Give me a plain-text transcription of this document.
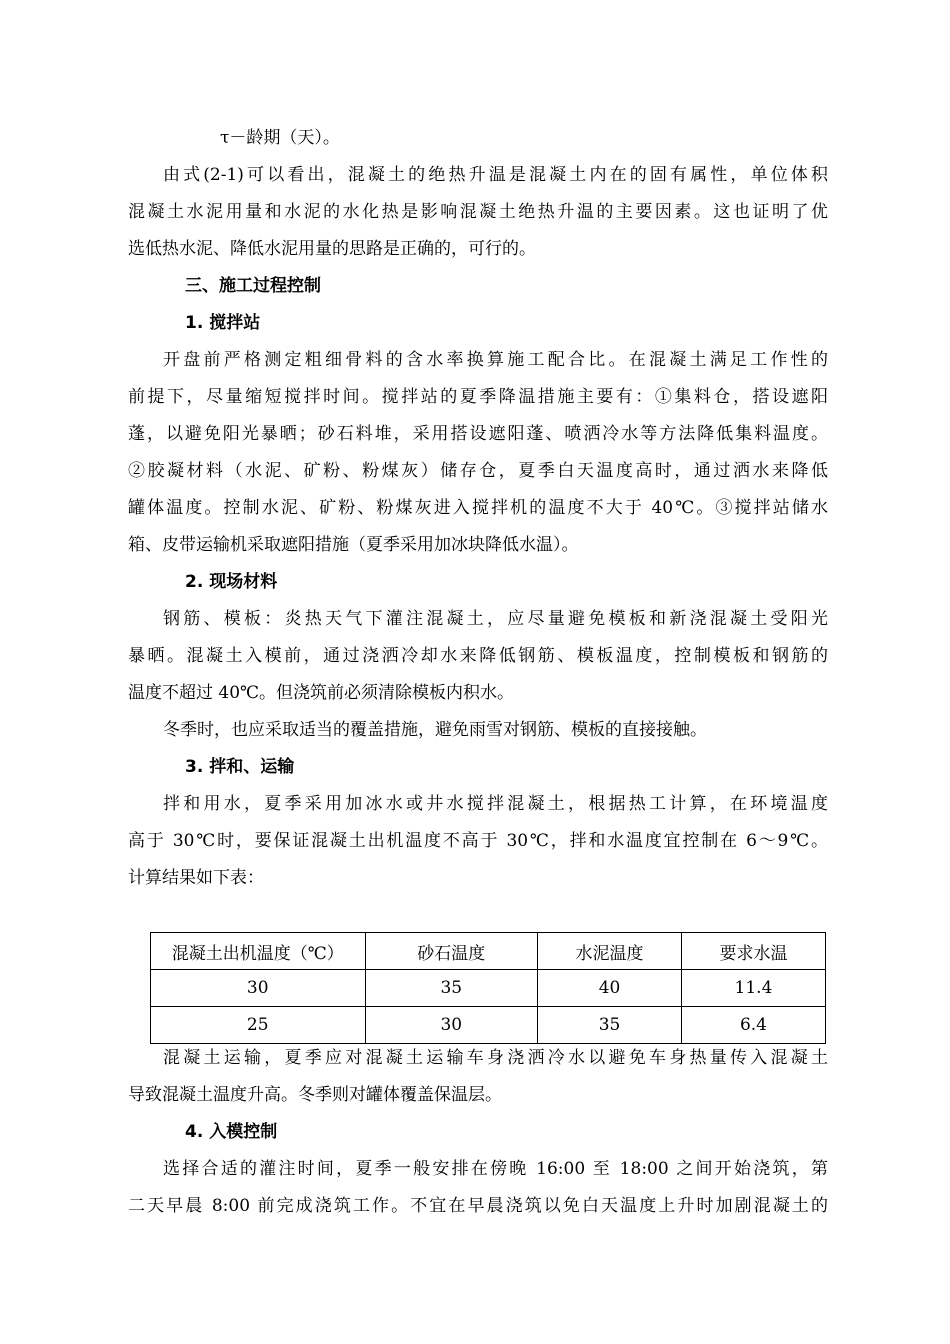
τ－龄期（天）。
由式(2-1)可以看出，混凝土的绝热升温是混凝土内在的固有属性，单位体积
混凝土水泥用量和水泥的水化热是影响混凝土绝热升温的主要因素。这也证明了优
选低热水泥、降低水泥用量的思路是正确的，可行的。
三、施工过程控制
1. 搅拌站
开盘前严格测定粗细骨料的含水率换算施工配合比。在混凝土满足工作性的
前提下，尽量缩短搅拌时间。搅拌站的夏季降温措施主要有：①集料仓，搭设遮阳
蓬，以避免阳光暴晒；砂石料堆，采用搭设遮阳蓬、喷洒冷水等方法降低集料温度。
②胶凝材料（水泥、矿粉、粉煤灰）储存仓，夏季白天温度高时，通过洒水来降低
罐体温度。控制水泥、矿粉、粉煤灰进入搅拌机的温度不大于 40℃。③搅拌站储水
箱、皮带运输机采取遮阳措施（夏季采用加冰块降低水温）。
2. 现场材料
钢筋、模板：炎热天气下灌注混凝土，应尽量避免模板和新浇混凝土受阳光
暴晒。混凝土入模前，通过浇洒冷却水来降低钢筋、模板温度，控制模板和钢筋的
温度不超过 40℃。但浇筑前必须清除模板内积水。
冬季时，也应采取适当的覆盖措施，避免雨雪对钢筋、模板的直接接触。
3. 拌和、运输
拌和用水，夏季采用加冰水或井水搅拌混凝土，根据热工计算，在环境温度
高于 30℃时，要保证混凝土出机温度不高于 30℃，拌和水温度宜控制在 6～9℃。
计算结果如下表：
混凝土出机温度（℃）	砂石温度	水泥温度	要求水温
30	35	40	11.4
25	30	35	6.4
混凝土运输，夏季应对混凝土运输车身浇洒冷水以避免车身热量传入混凝土
导致混凝土温度升高。冬季则对罐体覆盖保温层。
4. 入模控制
选择合适的灌注时间，夏季一般安排在傍晚 16:00 至 18:00 之间开始浇筑，第
二天早晨 8:00 前完成浇筑工作。不宜在早晨浇筑以免白天温度上升时加剧混凝土的
